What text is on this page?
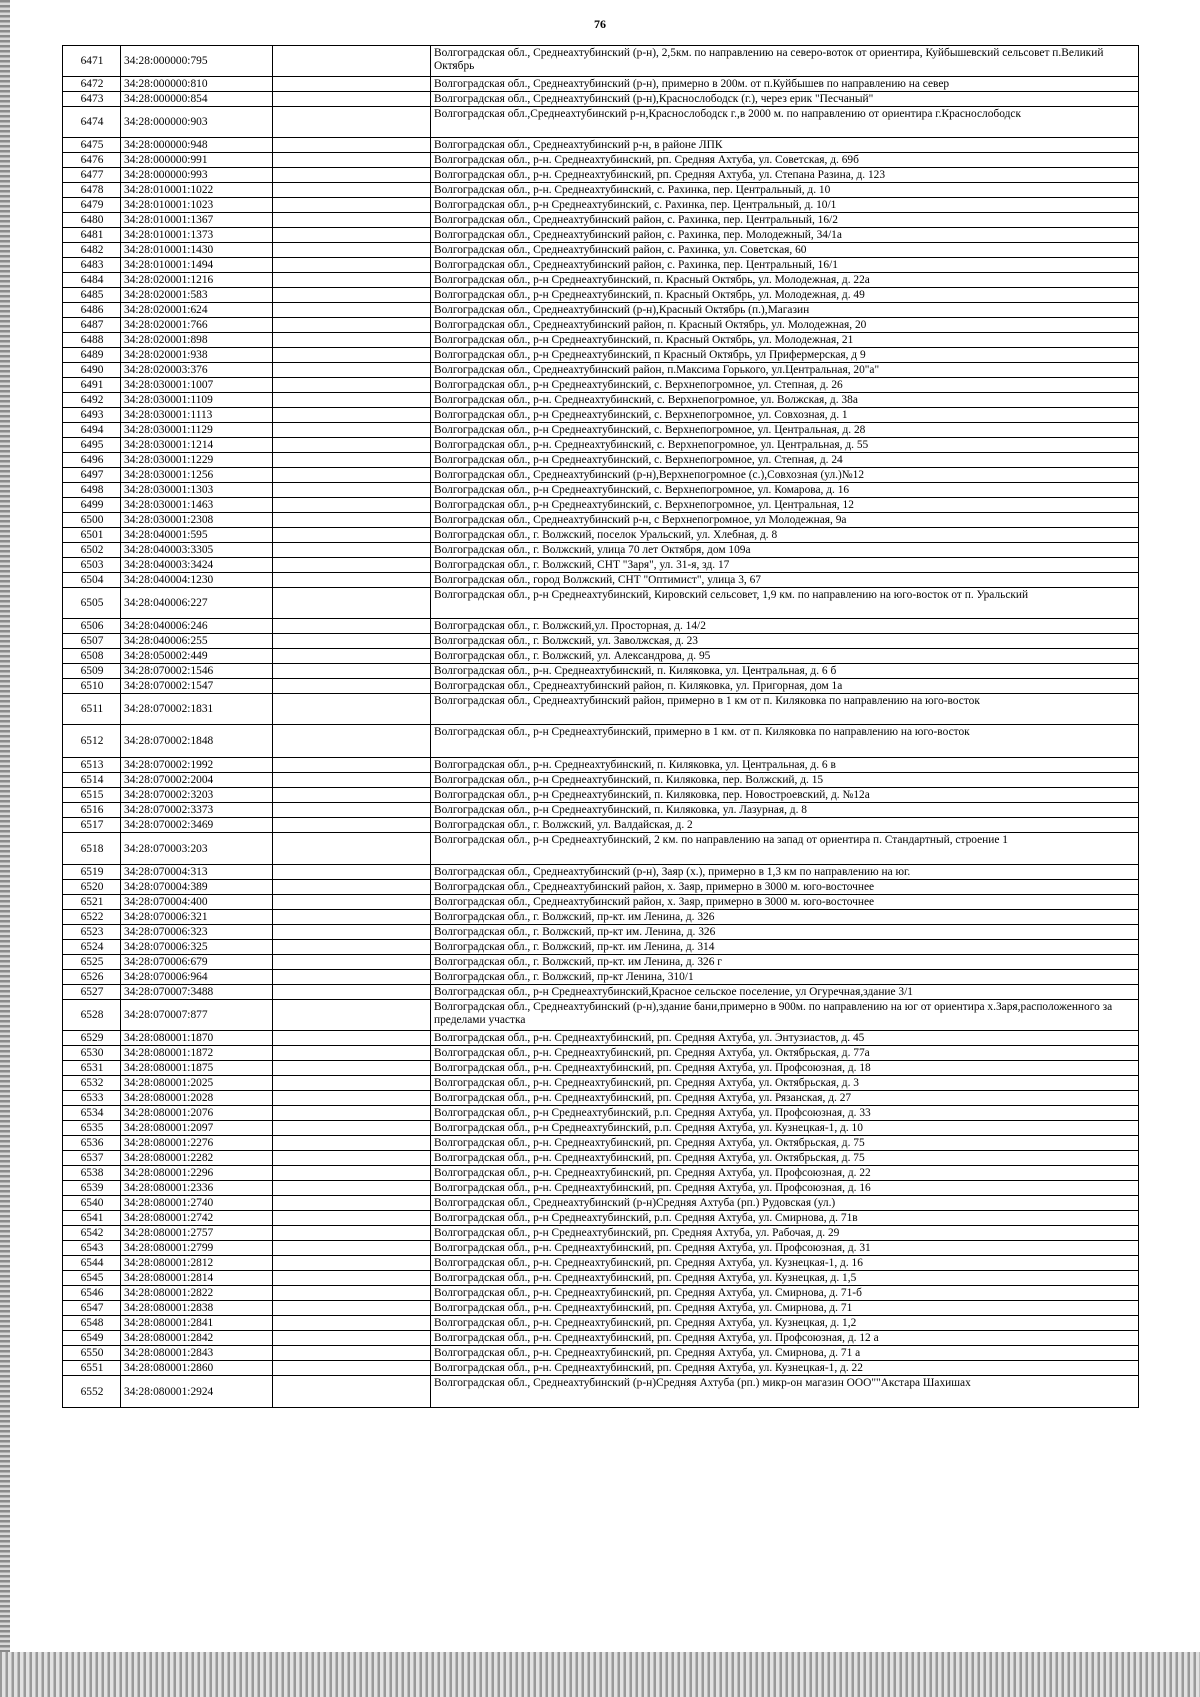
76
6471	34:28:000000:795		Волгоградская обл., Среднеахтубинский (р-н), 2,5км. по направлению на северо-воток от ориентира, Куйбышевский сельсовет п.Великий Октябрь
6472	34:28:000000:810		Волгоградская обл., Среднеахтубинский (р-н), примерно в 200м. от п.Куйбышев по направлению на север
6473	34:28:000000:854		Волгоградская обл., Среднеахтубинский (р-н),Краснослободск (г.), через ерик "Песчаный"
6474	34:28:000000:903		Волгоградская обл.,Среднеахтубинский р-н,Краснослободск г.,в 2000 м. по направлению от ориентира г.Краснослободск
6475	34:28:000000:948		Волгоградская обл., Среднеахтубинский р-н, в районе ЛПК
6476	34:28:000000:991		Волгоградская обл., р-н. Среднеахтубинский, рп. Средняя Ахтуба, ул. Советская, д. 69б
6477	34:28:000000:993		Волгоградская обл., р-н. Среднеахтубинский, рп. Средняя Ахтуба, ул. Степана Разина, д. 123
6478	34:28:010001:1022		Волгоградская обл., р-н. Среднеахтубинский, с. Рахинка, пер. Центральный, д. 10
6479	34:28:010001:1023		Волгоградская обл., р-н Среднеахтубинский, с. Рахинка, пер. Центральный, д. 10/1
6480	34:28:010001:1367		Волгоградская обл., Среднеахтубинский район, с. Рахинка, пер. Центральный, 16/2
6481	34:28:010001:1373		Волгоградская обл., Среднеахтубинский район, с. Рахинка, пер. Молодежный, 34/1а
6482	34:28:010001:1430		Волгоградская обл., Среднеахтубинский район, с. Рахинка, ул. Советская, 60
6483	34:28:010001:1494		Волгоградская обл., Среднеахтубинский район, с. Рахинка, пер. Центральный, 16/1
6484	34:28:020001:1216		Волгоградская обл., р-н Среднеахтубинский, п. Красный Октябрь, ул. Молодежная, д. 22а
6485	34:28:020001:583		Волгоградская обл., р-н Среднеахтубинский, п. Красный Октябрь, ул. Молодежная, д. 49
6486	34:28:020001:624		Волгоградская обл., Среднеахтубинский (р-н),Красный Октябрь (п.),Магазин
6487	34:28:020001:766		Волгоградская обл., Среднеахтубинский район, п. Красный Октябрь, ул. Молодежная, 20
6488	34:28:020001:898		Волгоградская обл., р-н Среднеахтубинский, п. Красный Октябрь, ул. Молодежная, 21
6489	34:28:020001:938		Волгоградская обл., р-н Среднеахтубинский, п Красный Октябрь, ул Прифермерская, д 9
6490	34:28:020003:376		Волгоградская обл., Среднеахтубинский район, п.Максима Горького, ул.Центральная, 20"а"
6491	34:28:030001:1007		Волгоградская обл., р-н Среднеахтубинский, с. Верхнепогромное, ул. Степная, д. 26
6492	34:28:030001:1109		Волгоградская обл., р-н. Среднеахтубинский, с. Верхнепогромное, ул. Волжская, д. 38а
6493	34:28:030001:1113		Волгоградская обл., р-н Среднеахтубинский, с. Верхнепогромное, ул. Совхозная, д. 1
6494	34:28:030001:1129		Волгоградская обл., р-н Среднеахтубинский, с. Верхнепогромное, ул. Центральная, д. 28
6495	34:28:030001:1214		Волгоградская обл., р-н. Среднеахтубинский, с. Верхнепогромное, ул. Центральная, д. 55
6496	34:28:030001:1229		Волгоградская обл., р-н Среднеахтубинский, с. Верхнепогромное, ул. Степная, д. 24
6497	34:28:030001:1256		Волгоградская обл., Среднеахтубинский (р-н),Верхнепогромное (с.),Совхозная (ул.)№12
6498	34:28:030001:1303		Волгоградская обл., р-н Среднеахтубинский, с. Верхнепогромное, ул. Комарова, д. 16
6499	34:28:030001:1463		Волгоградская обл., р-н Среднеахтубинский, с. Верхнепогромное, ул. Центральная, 12
6500	34:28:030001:2308		Волгоградская обл., Среднеахтубинский р-н, с Верхнепогромное, ул Молодежная, 9а
6501	34:28:040001:595		Волгоградская обл., г. Волжский, поселок Уральский, ул. Хлебная, д. 8
6502	34:28:040003:3305		Волгоградская обл., г. Волжский, улица 70 лет Октября, дом 109а
6503	34:28:040003:3424		Волгоградская обл., г. Волжский, СНТ "Заря", ул. 31-я, зд. 17
6504	34:28:040004:1230		Волгоградская обл., город Волжский, СНТ "Оптимист", улица 3, 67
6505	34:28:040006:227		Волгоградская обл., р-н Среднеахтубинский, Кировский сельсовет, 1,9 км. по направлению на юго-восток от п. Уральский
6506	34:28:040006:246		Волгоградская обл., г. Волжский,ул. Просторная, д. 14/2
6507	34:28:040006:255		Волгоградская обл., г. Волжский, ул. Заволжская, д. 23
6508	34:28:050002:449		Волгоградская обл., г. Волжский, ул. Александрова, д. 95
6509	34:28:070002:1546		Волгоградская обл., р-н. Среднеахтубинский, п. Киляковка, ул. Центральная, д. 6 б
6510	34:28:070002:1547		Волгоградская обл., Среднеахтубинский район, п. Киляковка, ул. Пригорная, дом 1а
6511	34:28:070002:1831		Волгоградская обл., Среднеахтубинский район, примерно в 1 км от п. Киляковка по направлению на юго-восток
6512	34:28:070002:1848		Волгоградская обл., р-н Среднеахтубинский, примерно в 1 км. от п. Киляковка по направлению на юго-восток
6513	34:28:070002:1992		Волгоградская обл., р-н. Среднеахтубинский, п. Киляковка, ул. Центральная, д. 6 в
6514	34:28:070002:2004		Волгоградская обл., р-н Среднеахтубинский, п. Киляковка, пер. Волжский, д. 15
6515	34:28:070002:3203		Волгоградская обл., р-н Среднеахтубинский, п. Киляковка, пер. Новостроевский, д. №12а
6516	34:28:070002:3373		Волгоградская обл., р-н Среднеахтубинский, п. Киляковка, ул. Лазурная, д. 8
6517	34:28:070002:3469		Волгоградская обл., г. Волжский, ул. Валдайская, д. 2
6518	34:28:070003:203		Волгоградская обл., р-н Среднеахтубинский, 2 км. по направлению на запад от ориентира п. Стандартный, строение 1
6519	34:28:070004:313		Волгоградская обл., Среднеахтубинский (р-н), Заяр (х.), примерно в 1,3 км по направлению на юг.
6520	34:28:070004:389		Волгоградская обл., Среднеахтубинский район, х. Заяр, примерно в 3000 м. юго-восточнее
6521	34:28:070004:400		Волгоградская обл., Среднеахтубинский район, х. Заяр, примерно в 3000 м. юго-восточнее
6522	34:28:070006:321		Волгоградская обл., г. Волжский, пр-кт. им Ленина, д. 326
6523	34:28:070006:323		Волгоградская обл., г. Волжский, пр-кт им. Ленина, д. 326
6524	34:28:070006:325		Волгоградская обл., г. Волжский, пр-кт. им Ленина, д. 314
6525	34:28:070006:679		Волгоградская обл., г. Волжский, пр-кт. им Ленина, д. 326 г
6526	34:28:070006:964		Волгоградская обл., г. Волжский, пр-кт Ленина, 310/1
6527	34:28:070007:3488		Волгоградская обл., р-н Среднеахтубинский,Красное сельское поселение, ул Огуречная,здание 3/1
6528	34:28:070007:877		Волгоградская обл., Среднеахтубинский (р-н),здание бани,примерно в 900м. по направлению на юг от ориентира х.Заря,расположенного за пределами участка
6529	34:28:080001:1870		Волгоградская обл., р-н. Среднеахтубинский, рп. Средняя Ахтуба, ул. Энтузиастов, д. 45
6530	34:28:080001:1872		Волгоградская обл., р-н. Среднеахтубинский, рп. Средняя Ахтуба, ул. Октябрьская, д. 77а
6531	34:28:080001:1875		Волгоградская обл., р-н. Среднеахтубинский, рп. Средняя Ахтуба, ул. Профсоюзная, д. 18
6532	34:28:080001:2025		Волгоградская обл., р-н. Среднеахтубинский, рп. Средняя Ахтуба, ул. Октябрьская, д. 3
6533	34:28:080001:2028		Волгоградская обл., р-н. Среднеахтубинский, рп. Средняя Ахтуба, ул. Рязанская, д. 27
6534	34:28:080001:2076		Волгоградская обл., р-н Среднеахтубинский, р.п. Средняя Ахтуба, ул. Профсоюзная, д. 33
6535	34:28:080001:2097		Волгоградская обл., р-н Среднеахтубинский, р.п. Средняя Ахтуба, ул. Кузнецкая-1, д. 10
6536	34:28:080001:2276		Волгоградская обл., р-н. Среднеахтубинский, рп. Средняя Ахтуба, ул. Октябрьская, д. 75
6537	34:28:080001:2282		Волгоградская обл., р-н. Среднеахтубинский, рп. Средняя Ахтуба, ул. Октябрьская, д. 75
6538	34:28:080001:2296		Волгоградская обл., р-н. Среднеахтубинский, рп. Средняя Ахтуба, ул. Профсоюзная, д. 22
6539	34:28:080001:2336		Волгоградская обл., р-н. Среднеахтубинский, рп. Средняя Ахтуба, ул. Профсоюзная, д. 16
6540	34:28:080001:2740		Волгоградская обл., Среднеахтубинский (р-н)Средняя Ахтуба (рп.) Рудовская (ул.)
6541	34:28:080001:2742		Волгоградская обл., р-н Среднеахтубинский, р.п. Средняя Ахтуба, ул. Смирнова, д. 71в
6542	34:28:080001:2757		Волгоградская обл., р-н Среднеахтубинский, рп. Средняя Ахтуба, ул. Рабочая, д. 29
6543	34:28:080001:2799		Волгоградская обл., р-н. Среднеахтубинский, рп. Средняя Ахтуба, ул. Профсоюзная, д. 31
6544	34:28:080001:2812		Волгоградская обл., р-н. Среднеахтубинский, рп. Средняя Ахтуба, ул. Кузнецкая-1, д. 16
6545	34:28:080001:2814		Волгоградская обл., р-н. Среднеахтубинский, рп. Средняя Ахтуба, ул. Кузнецкая, д. 1,5
6546	34:28:080001:2822		Волгоградская обл., р-н. Среднеахтубинский, рп. Средняя Ахтуба, ул. Смирнова, д. 71-б
6547	34:28:080001:2838		Волгоградская обл., р-н. Среднеахтубинский, рп. Средняя Ахтуба, ул. Смирнова, д. 71
6548	34:28:080001:2841		Волгоградская обл., р-н. Среднеахтубинский, рп. Средняя Ахтуба, ул. Кузнецкая, д. 1,2
6549	34:28:080001:2842		Волгоградская обл., р-н. Среднеахтубинский, рп. Средняя Ахтуба, ул. Профсоюзная, д. 12 а
6550	34:28:080001:2843		Волгоградская обл., р-н. Среднеахтубинский, рп. Средняя Ахтуба, ул. Смирнова, д. 71 а
6551	34:28:080001:2860		Волгоградская обл., р-н. Среднеахтубинский, рп. Средняя Ахтуба, ул. Кузнецкая-1, д. 22
6552	34:28:080001:2924		Волгоградская обл., Среднеахтубинский (р-н)Средняя Ахтуба (рп.) микр-он магазин ООО""Акстара Шахишах
